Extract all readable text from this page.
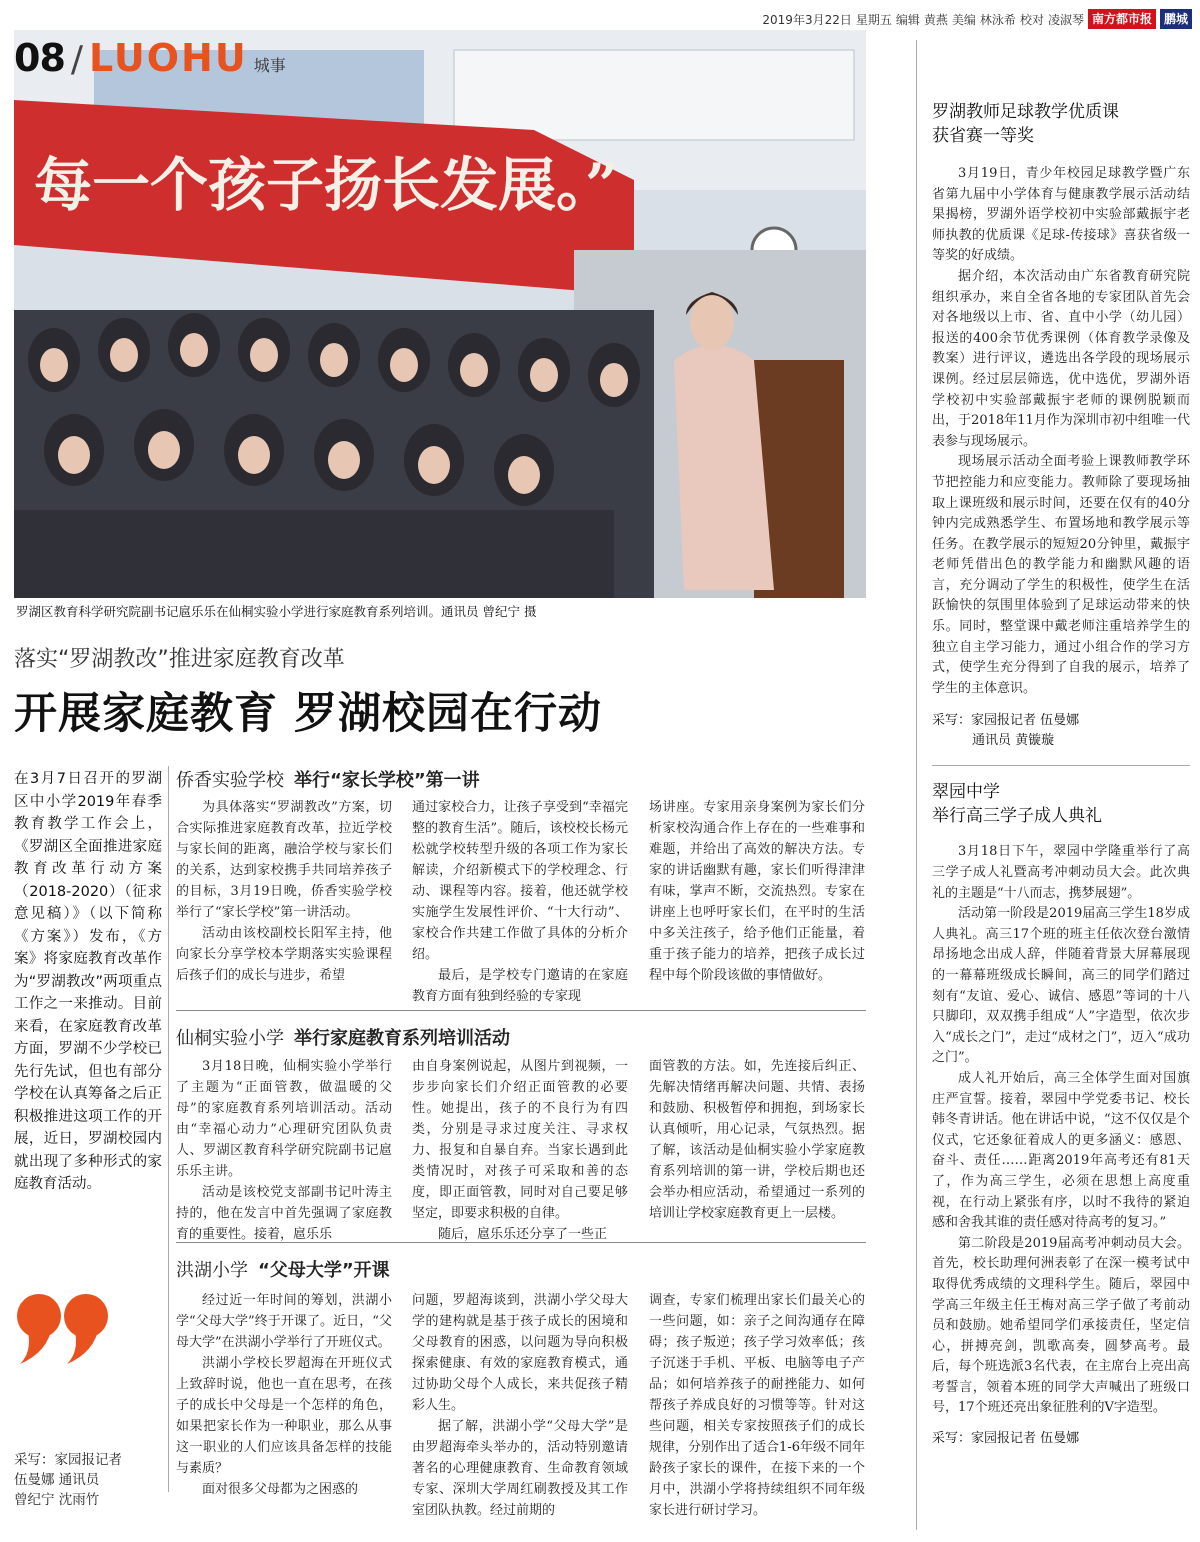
2019年3月22日 星期五 编辑 黄燕 美编 林泳希 校对 凌淑琴 南方都市报	鹏城
每一个孩子扬长发展。”
08 / LUOHU 城事
罗湖区教育科学研究院副书记扈乐乐在仙桐实验小学进行家庭教育系列培训。通讯员 曾纪宁 摄
落实“罗湖教改”推进家庭教育改革
开展家庭教育 罗湖校园在行动
在3月7日召开的罗湖区中小学2019年春季教育教学工作会上，《罗湖区全面推进家庭教育改革行动方案（2018-2020）（征求意见稿）》（以下简称《方案》）发布，《方案》将家庭教育改革作为“罗湖教改”两项重点工作之一来推动。目前来看，在家庭教育改革方面，罗湖不少学校已先行先试，但也有部分学校在认真筹备之后正积极推进这项工作的开展，近日，罗湖校园内就出现了多种形式的家庭教育活动。
采写：家园报记者
伍曼娜 通讯员
曾纪宁 沈雨竹
侨香实验学校 举行“家长学校”第一讲

为具体落实“罗湖教改”方案，切合实际推进家庭教育改革，拉近学校与家长间的距离，融洽学校与家长们的关系，达到家校携手共同培养孩子的目标，3月19日晚，侨香实验学校举行了“家长学校”第一讲活动。

活动由该校副校长阳军主持，他向家长分享学校本学期落实实验课程后孩子们的成长与进步，希望

通过家校合力，让孩子享受到“幸福完整的教育生活”。随后，该校校长杨元松就学校转型升级的各项工作为家长解读，介绍新模式下的学校理念、行动、课程等内容。接着，他还就学校实施学生发展性评价、“十大行动”、家校合作共建工作做了具体的分析介绍。

最后，是学校专门邀请的在家庭教育方面有独到经验的专家现

场讲座。专家用亲身案例为家长们分析家校沟通合作上存在的一些难事和难题，并给出了高效的解决方法。专家的讲话幽默有趣，家长们听得津津有味，掌声不断，交流热烈。专家在讲座上也呼吁家长们，在平时的生活中多关注孩子，给予他们正能量，着重于孩子能力的培养，把孩子成长过程中每个阶段该做的事情做好。

仙桐实验小学 举行家庭教育系列培训活动

3月18日晚，仙桐实验小学举行了主题为“正面管教，做温暖的父母”的家庭教育系列培训活动。活动由“幸福心动力”心理研究团队负责人、罗湖区教育科学研究院副书记扈乐乐主讲。

活动是该校党支部副书记叶涛主持的，他在发言中首先强调了家庭教育的重要性。接着，扈乐乐

由自身案例说起，从图片到视频，一步步向家长们介绍正面管教的必要性。她提出，孩子的不良行为有四类，分别是寻求过度关注、寻求权力、报复和自暴自弃。当家长遇到此类情况时，对孩子可采取和善的态度，即正面管教，同时对自己要足够坚定，即要求积极的自律。

随后，扈乐乐还分享了一些正

面管教的方法。如，先连接后纠正、先解决情绪再解决问题、共情、表扬和鼓励、积极暂停和拥抱，到场家长认真倾听，用心记录，气氛热烈。据了解，该活动是仙桐实验小学家庭教育系列培训的第一讲，学校后期也还会举办相应活动，希望通过一系列的培训让学校家庭教育更上一层楼。

洪湖小学 “父母大学”开课

经过近一年时间的筹划，洪湖小学“父母大学”终于开课了。近日，“父母大学”在洪湖小学举行了开班仪式。

洪湖小学校长罗超海在开班仪式上致辞时说，他也一直在思考，在孩子的成长中父母是一个怎样的角色，如果把家长作为一种职业，那么从事这一职业的人们应该具备怎样的技能与素质？

面对很多父母都为之困惑的

问题，罗超海谈到，洪湖小学父母大学的建构就是基于孩子成长的困境和父母教育的困惑，以问题为导向积极探索健康、有效的家庭教育模式，通过协助父母个人成长，来共促孩子精彩人生。

据了解，洪湖小学“父母大学”是由罗超海牵头举办的，活动特别邀请著名的心理健康教育、生命教育领域专家、深圳大学周红刷教授及其工作室团队执教。经过前期的

调查，专家们梳理出家长们最关心的一些问题，如：亲子之间沟通存在障碍；孩子叛逆；孩子学习效率低；孩子沉迷于手机、平板、电脑等电子产品；如何培养孩子的耐挫能力、如何帮孩子养成良好的习惯等等。针对这些问题，相关专家按照孩子们的成长规律，分别作出了适合1-6年级不同年龄孩子家长的课件，在接下来的一个月中，洪湖小学将持续组织不同年级家长进行研讨学习。

罗湖教师足球教学优质课
获省赛一等奖

3月19日，青少年校园足球教学暨广东省第九届中小学体育与健康教学展示活动结果揭榜，罗湖外语学校初中实验部戴振宇老师执教的优质课《足球-传接球》喜获省级一等奖的好成绩。

据介绍，本次活动由广东省教育研究院组织承办，来自全省各地的专家团队首先会对各地级以上市、省、直中小学（幼儿园）报送的400余节优秀课例（体育教学录像及教案）进行评议，遴选出各学段的现场展示课例。经过层层筛选，优中选优，罗湖外语学校初中实验部戴振宇老师的课例脱颖而出，于2018年11月作为深圳市初中组唯一代表参与现场展示。

现场展示活动全面考验上课教师教学环节把控能力和应变能力。教师除了要现场抽取上课班级和展示时间，还要在仅有的40分钟内完成熟悉学生、布置场地和教学展示等任务。在教学展示的短短20分钟里，戴振宇老师凭借出色的教学能力和幽默风趣的语言，充分调动了学生的积极性，使学生在活跃愉快的氛围里体验到了足球运动带来的快乐。同时，整堂课中戴老师注重培养学生的独立自主学习能力，通过小组合作的学习方式，使学生充分得到了自我的展示，培养了学生的主体意识。

采写：家园报记者 伍曼娜
通讯员 黄镟璇
翠园中学
举行高三学子成人典礼

3月18日下午，翠园中学隆重举行了高三学子成人礼暨高考冲刺动员大会。此次典礼的主题是“十八而志，携梦展翅”。

活动第一阶段是2019届高三学生18岁成人典礼。高三17个班的班主任依次登台激情昂扬地念出成人辞，伴随着背景大屏幕展现的一幕幕班级成长瞬间，高三的同学们踏过刻有“友谊、爱心、诚信、感恩”等词的十八只脚印，双双携手组成“人”字造型，依次步入“成长之门”，走过“成材之门”，迈入“成功之门”。

成人礼开始后，高三全体学生面对国旗庄严宣誓。接着，翠园中学党委书记、校长韩冬青讲话。他在讲话中说，“这不仅仅是个仪式，它还象征着成人的更多涵义：感恩、奋斗、责任……距离2019年高考还有81天了，作为高三学生，必须在思想上高度重视，在行动上紧张有序，以时不我待的紧迫感和舍我其谁的责任感对待高考的复习。”

第二阶段是2019届高考冲刺动员大会。首先，校长助理何洲表彰了在深一模考试中取得优秀成绩的文理科学生。随后，翠园中学高三年级主任王梅对高三学子做了考前动员和鼓励。她希望同学们承接责任，坚定信心，拼搏亮剑，凯歌高奏，圆梦高考。最后，每个班选派3名代表，在主席台上亮出高考誓言，领着本班的同学大声喊出了班级口号，17个班还亮出象征胜利的V字造型。

采写：家园报记者 伍曼娜
